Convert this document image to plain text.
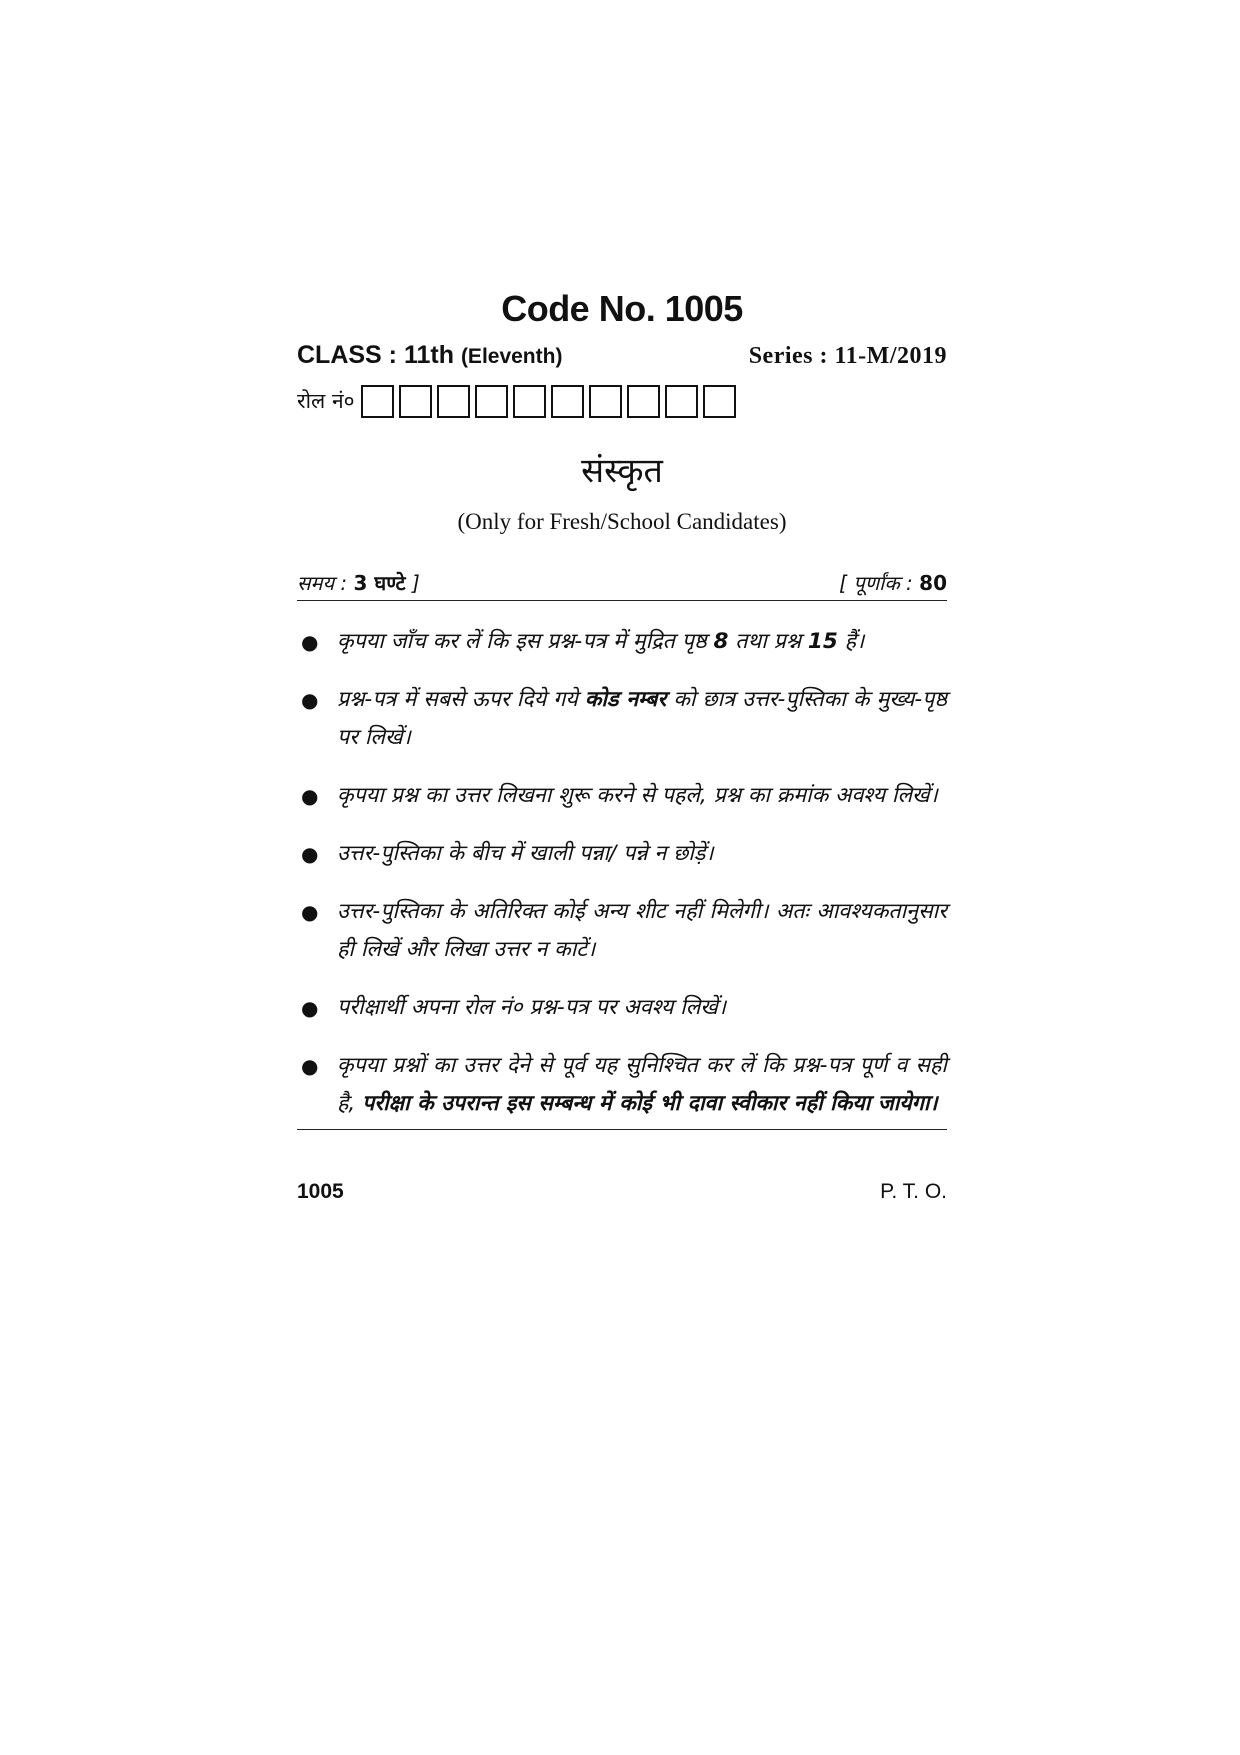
Code No. 1005
CLASS : 11th (Eleventh)	Series : 11-M/2019
रोल नं०
संस्कृत
(Only for Fresh/School Candidates)
समय : 3 घण्टे ]	[ पूर्णांक : 80
● कृपया जाँच कर लें कि इस प्रश्न-पत्र में मुद्रित पृष्ठ 8 तथा प्रश्न 15 हैं।
● प्रश्न-पत्र में सबसे ऊपर दिये गये कोड नम्बर को छात्र उत्तर-पुस्तिका के मुख्य-पृष्ठ पर लिखें।
● कृपया प्रश्न का उत्तर लिखना शुरू करने से पहले, प्रश्न का क्रमांक अवश्य लिखें।
● उत्तर-पुस्तिका के बीच में खाली पन्ना/ पन्ने न छोड़ें।
● उत्तर-पुस्तिका के अतिरिक्त कोई अन्य शीट नहीं मिलेगी। अतः आवश्यकतानुसार ही लिखें और लिखा उत्तर न काटें।
● परीक्षार्थी अपना रोल नं० प्रश्न-पत्र पर अवश्य लिखें।
● कृपया प्रश्नों का उत्तर देने से पूर्व यह सुनिश्चित कर लें कि प्रश्न-पत्र पूर्ण व सही है, परीक्षा के उपरान्त इस सम्बन्ध में कोई भी दावा स्वीकार नहीं किया जायेगा।
1005	P. T. O.
